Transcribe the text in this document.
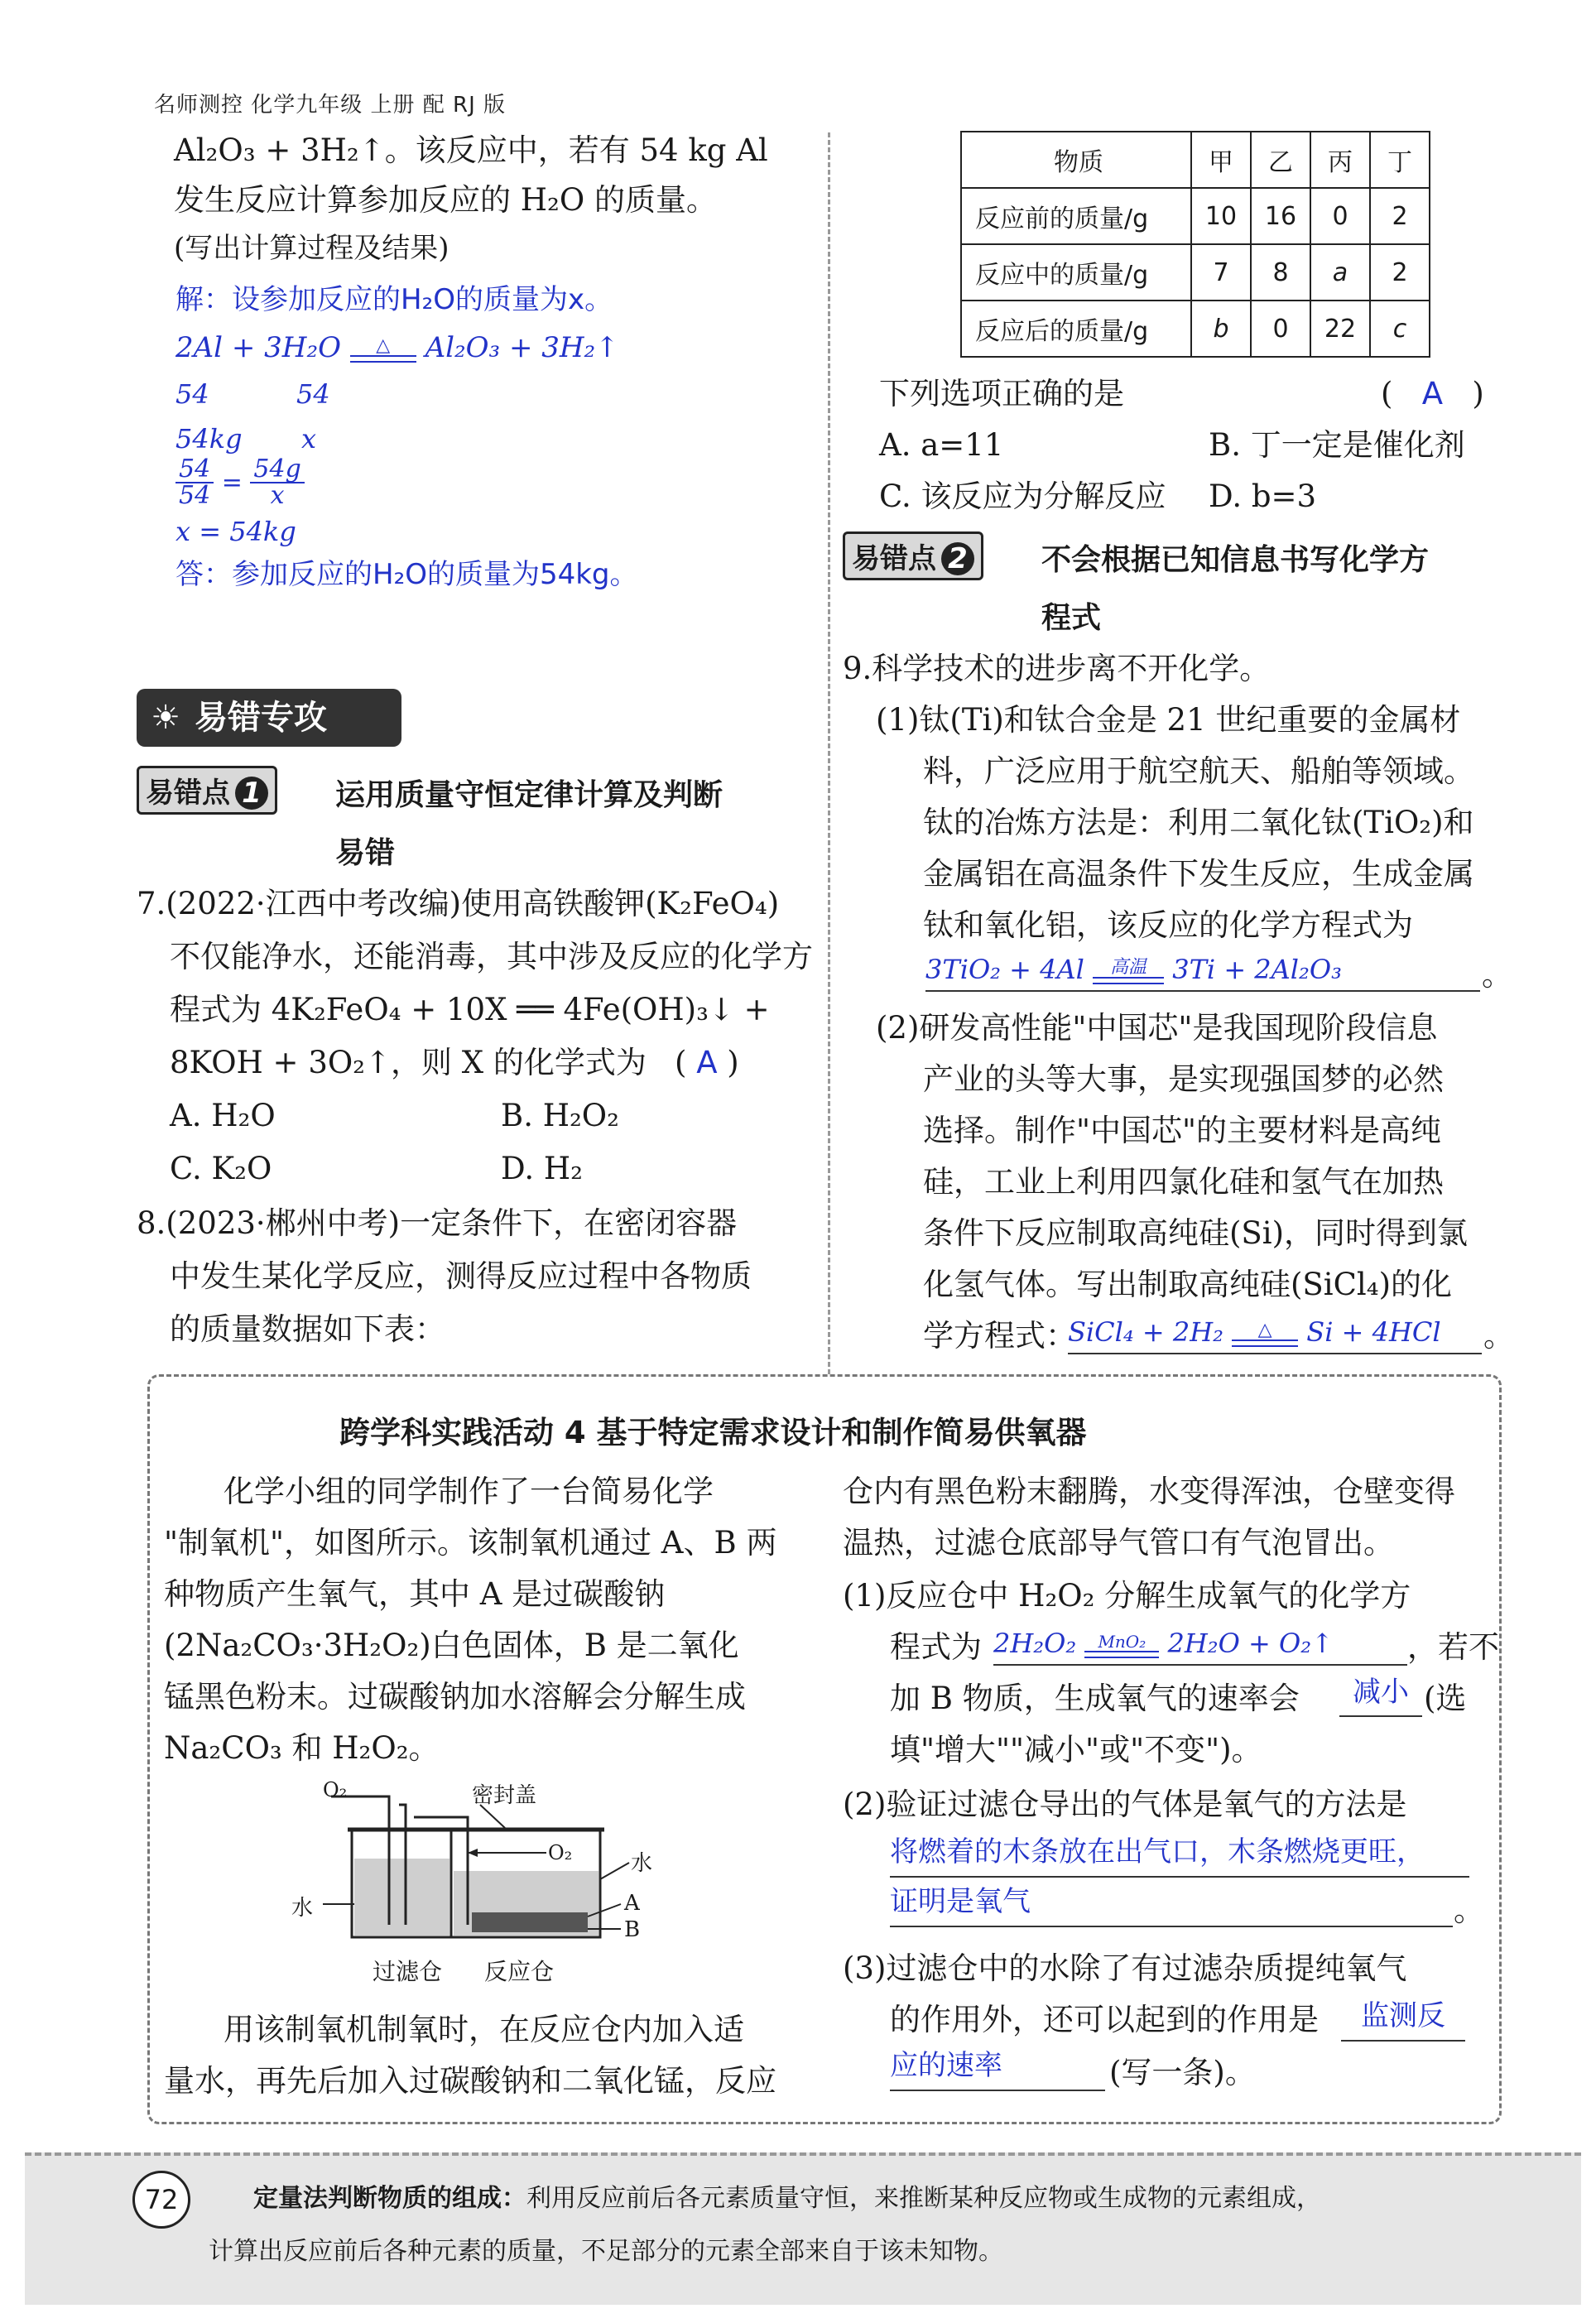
名师测控 化学九年级 上册 配 RJ 版
Al₂O₃ + 3H₂↑。该反应中，若有 54 kg Al
发生反应计算参加反应的 H₂O 的质量。
(写出计算过程及结果)
解：设参加反应的H₂O的质量为x。
2Al + 3H₂O	△	Al₂O₃ + 3H₂↑
54	54
54kg x
$\frac{54}{54} = \frac{54g}{x}$
x = 54kg
答：参加反应的H₂O的质量为54kg。
☀ 易错专攻
易错点 1	运用质量守恒定律计算及判断
易错
7.(2022·江西中考改编)使用高铁酸钾(K₂FeO₄)
不仅能净水，还能消毒，其中涉及反应的化学方
程式为 4K₂FeO₄ + 10X ══ 4Fe(OH)₃↓ +
8KOH + 3O₂↑，则 X 的化学式为 ( A )
A. H₂O	B. H₂O₂
C. K₂O	D. H₂
8.(2023·郴州中考)一定条件下，在密闭容器
中发生某化学反应，测得反应过程中各物质
的质量数据如下表：
物质	甲	乙	丙	丁
反应前的质量/g	10	16	0	2
反应中的质量/g	7	8	a	2
反应后的质量/g	b	0	22	c
下列选项正确的是	(   A   )
A. a=11	B. 丁一定是催化剂
C. 该反应为分解反应 D. b=3
易错点 2	不会根据已知信息书写化学方
程式
9.科学技术的进步离不开化学。
(1)钛(Ti)和钛合金是 21 世纪重要的金属材
料，广泛应用于航空航天、船舶等领域。
钛的冶炼方法是：利用二氧化钛(TiO₂)和
金属铝在高温条件下发生反应，生成金属
钛和氧化铝，该反应的化学方程式为
3TiO₂ + 4Al	高温 3Ti + 2Al₂O₃	。
(2)研发高性能"中国芯"是我国现阶段信息
产业的头等大事，是实现强国梦的必然
选择。制作"中国芯"的主要材料是高纯
硅，工业上利用四氯化硅和氢气在加热
条件下反应制取高纯硅(Si)，同时得到氯
化氢气体。写出制取高纯硅(SiCl₄)的化
学方程式：
SiCl₄ + 2H₂	△	Si + 4HCl	。
跨学科实践活动 4 基于特定需求设计和制作简易供氧器
化学小组的同学制作了一台简易化学
"制氧机"，如图所示。该制氧机通过 A、B 两
种物质产生氧气，其中 A 是过碳酸钠
(2Na₂CO₃·3H₂O₂)白色固体，B 是二氧化
锰黑色粉末。过碳酸钠加水溶解会分解生成
Na₂CO₃ 和 H₂O₂。
O₂	密封盖
O₂
水
水
A
B
过滤仓 反应仓
用该制氧机制氧时，在反应仓内加入适
量水，再先后加入过碳酸钠和二氧化锰，反应
仓内有黑色粉末翻腾，水变得浑浊，仓壁变得
温热，过滤仓底部导气管口有气泡冒出。
(1)反应仓中 H₂O₂ 分解生成氧气的化学方
程式为 2H₂O₂	MnO₂ 2H₂O + O₂↑	，若不
加 B 物质，生成氧气的速率会	减小 (选
填"增大""减小"或"不变")。
(2)验证过滤仓导出的气体是氧气的方法是
将燃着的木条放在出气口，木条燃烧更旺，
证明是氧气	。
(3)过滤仓中的水除了有过滤杂质提纯氧气
的作用外，还可以起到的作用是	监测反
应的速率	(写一条)。
72	定量法判断物质的组成：利用反应前后各元素质量守恒，来推断某种反应物或生成物的元素组成，
计算出反应前后各种元素的质量，不足部分的元素全部来自于该未知物。
